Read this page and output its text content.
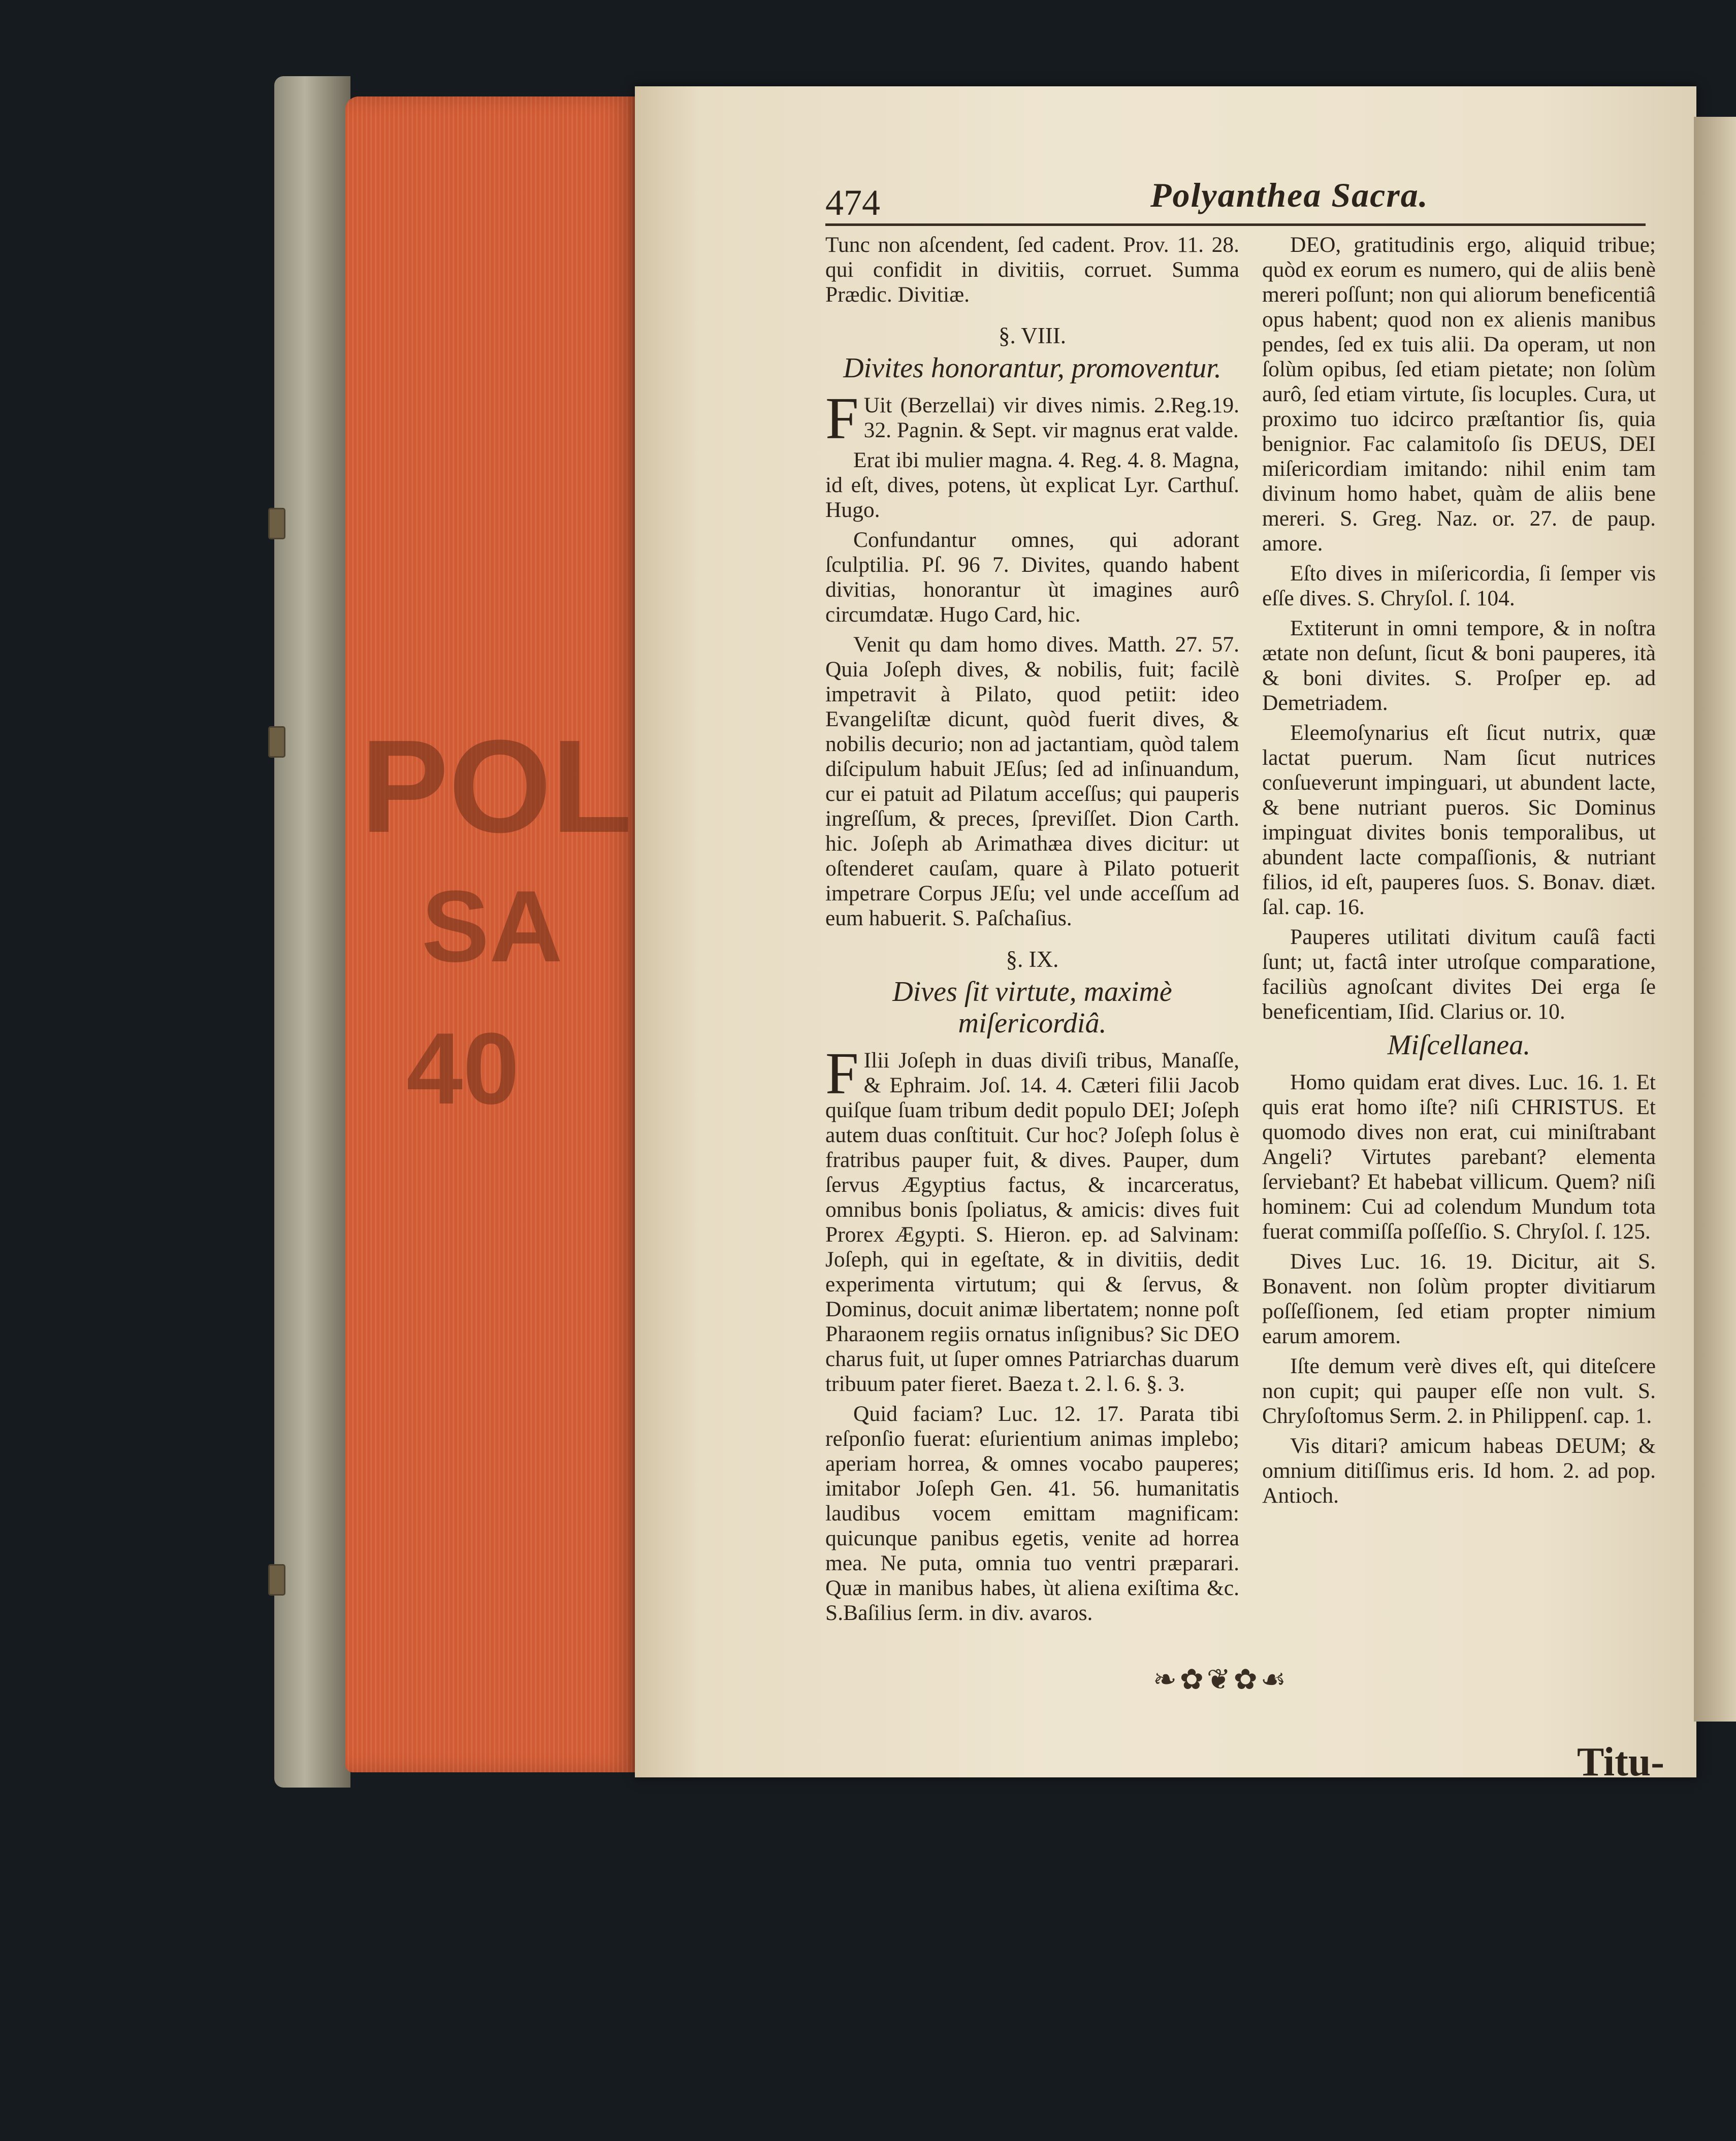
POL
SA
40
474	Polyanthea Sacra.

Tunc non aſcendent, ſed cadent. Prov. 11. 28. qui confidit in divitiis, corruet. Summa Prædic. Divitiæ.

§. VIII.
Divites honorantur, promoventur.

F Uit (Berzellai) vir dives nimis. 2.Reg.19. 32. Pagnin. & Sept. vir magnus erat valde.

Erat ibi mulier magna. 4. Reg. 4. 8. Magna, id eſt, dives, potens, ùt explicat Lyr. Carthuſ. Hugo.

Confundantur omnes, qui adorant ſculptilia. Pſ. 96 7. Divites, quando habent divitias, honorantur ùt imagines aurô circumdatæ. Hugo Card, hic.

Venit qu dam homo dives. Matth. 27. 57. Quia Joſeph dives, & nobilis, fuit; facilè impetravit à Pilato, quod petiit: ideo Evangeliſtæ dicunt, quòd fuerit dives, & nobilis decurio; non ad jactantiam, quòd talem diſcipulum habuit JEſus; ſed ad inſinuandum, cur ei patuit ad Pilatum acceſſus; qui pauperis ingreſſum, & preces, ſpreviſſet. Dion Carth. hic. Joſeph ab Arimathæa dives dicitur: ut oſtenderet cauſam, quare à Pilato potuerit impetrare Corpus JEſu; vel unde acceſſum ad eum habuerit. S. Paſchaſius.

§. IX.
Dives ſit virtute, maximè miſericordiâ.

F Ilii Joſeph in duas diviſi tribus, Manaſſe, & Ephraim. Joſ. 14. 4. Cæteri filii Jacob quiſque ſuam tribum dedit populo DEI; Joſeph autem duas conſtituit. Cur hoc? Joſeph ſolus è fratribus pauper fuit, & dives. Pauper, dum ſervus Ægyptius factus, & incarceratus, omnibus bonis ſpoliatus, & amicis: dives fuit Prorex Ægypti. S. Hieron. ep. ad Salvinam: Joſeph, qui in egeſtate, & in divitiis, dedit experimenta virtutum; qui & ſervus, & Dominus, docuit animæ libertatem; nonne poſt Pharaonem regiis ornatus inſignibus? Sic DEO charus fuit, ut ſuper omnes Patriarchas duarum tribuum pater fieret. Baeza t. 2. l. 6. §. 3.

Quid faciam? Luc. 12. 17. Parata tibi reſponſio fuerat: eſurientium animas implebo; aperiam horrea, & omnes vocabo pauperes; imitabor Joſeph Gen. 41. 56. humanitatis laudibus vocem emittam magnificam: quicunque panibus egetis, venite ad horrea mea. Ne puta, omnia tuo ventri præparari. Quæ in manibus habes, ùt aliena exiſtima &c. S.Baſilius ſerm. in div. avaros.

DEO, gratitudinis ergo, aliquid tribue; quòd ex eorum es numero, qui de aliis benè mereri poſſunt; non qui aliorum beneficentiâ opus habent; quod non ex alienis manibus pendes, ſed ex tuis alii. Da operam, ut non ſolùm opibus, ſed etiam pietate; non ſolùm aurô, ſed etiam virtute, ſis locuples. Cura, ut proximo tuo idcirco præſtantior ſis, quia benignior. Fac calamitoſo ſis DEUS, DEI miſericordiam imitando: nihil enim tam divinum homo habet, quàm de aliis bene mereri. S. Greg. Naz. or. 27. de paup. amore.

Eſto dives in miſericordia, ſi ſemper vis eſſe dives. S. Chryſol. ſ. 104.

Extiterunt in omni tempore, & in noſtra ætate non deſunt, ſicut & boni pauperes, ità & boni divites. S. Proſper ep. ad Demetriadem.

Eleemoſynarius eſt ſicut nutrix, quæ lactat puerum. Nam ſicut nutrices conſueverunt impinguari, ut abundent lacte, & bene nutriant pueros. Sic Dominus impinguat divites bonis temporalibus, ut abundent lacte compaſſionis, & nutriant filios, id eſt, pauperes ſuos. S. Bonav. diæt. ſal. cap. 16.

Pauperes utilitati divitum cauſâ facti ſunt; ut, factâ inter utroſque comparatione, faciliùs agnoſcant divites Dei erga ſe beneficentiam, Iſid. Clarius or. 10.

Miſcellanea.

Homo quidam erat dives. Luc. 16. 1. Et quis erat homo iſte? niſi CHRISTUS. Et quomodo dives non erat, cui miniſtrabant Angeli? Virtutes parebant? elementa ſerviebant? Et habebat villicum. Quem? niſi hominem: Cui ad colendum Mundum tota fuerat commiſſa poſſeſſio. S. Chryſol. ſ. 125.

Dives Luc. 16. 19. Dicitur, ait S. Bonavent. non ſolùm propter divitiarum poſſeſſionem, ſed etiam propter nimium earum amorem.

Iſte demum verè dives eſt, qui diteſcere non cupit; qui pauper eſſe non vult. S. Chryſoſtomus Serm. 2. in Philippenſ. cap. 1.

Vis ditari? amicum habeas DEUM; & omnium ditiſſimus eris. Id hom. 2. ad pop. Antioch.

❧✿❦✿☙
Titu-
